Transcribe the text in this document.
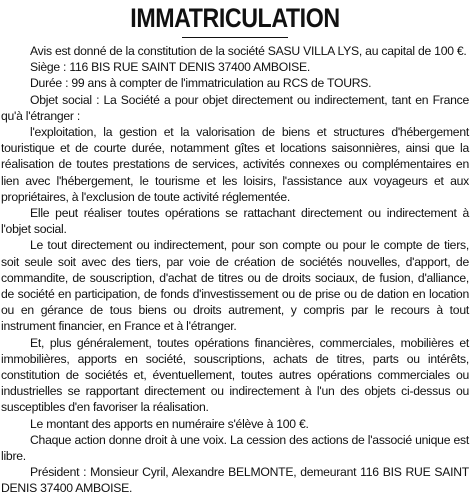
IMMATRICULATION

Avis est donné de la constitution de la société SASU VILLA LYS, au capital de 100 €.

Siège : 116 BIS RUE SAINT DENIS 37400 AMBOISE.

Durée : 99 ans à compter de l'immatriculation au RCS de TOURS.

Objet social : La Société a pour objet directement ou indirectement, tant en France qu'à l'étranger :

l'exploitation, la gestion et la valorisation de biens et structures d'hébergement touristique et de courte durée, notamment gîtes et locations saisonnières, ainsi que la réalisation de toutes prestations de services, activités connexes ou complémentaires en lien avec l'hébergement, le tourisme et les loisirs, l'assistance aux voyageurs et aux propriétaires, à l'exclusion de toute activité réglementée.

Elle peut réaliser toutes opérations se rattachant directement ou indirectement à l'objet social.

Le tout directement ou indirectement, pour son compte ou pour le compte de tiers, soit seule soit avec des tiers, par voie de création de sociétés nouvelles, d'apport, de commandite, de souscription, d'achat de titres ou de droits sociaux, de fusion, d'alliance, de société en participation, de fonds d'investissement ou de prise ou de dation en location ou en gérance de tous biens ou droits autrement, y compris par le recours à tout instrument financier, en France et à l'étranger.

Et, plus généralement, toutes opérations financières, commerciales, mobilières et immobilières, apports en société, souscriptions, achats de titres, parts ou intérêts, constitution de sociétés et, éventuellement, toutes autres opérations commerciales ou industrielles se rapportant directement ou indirectement à l'un des objets ci-dessus ou susceptibles d'en favoriser la réalisation.

Le montant des apports en numéraire s'élève à 100 €.

Chaque action donne droit à une voix. La cession des actions de l'associé unique est libre.

Président : Monsieur Cyril, Alexandre BELMONTE, demeurant 116 BIS RUE SAINT DENIS 37400 AMBOISE.
